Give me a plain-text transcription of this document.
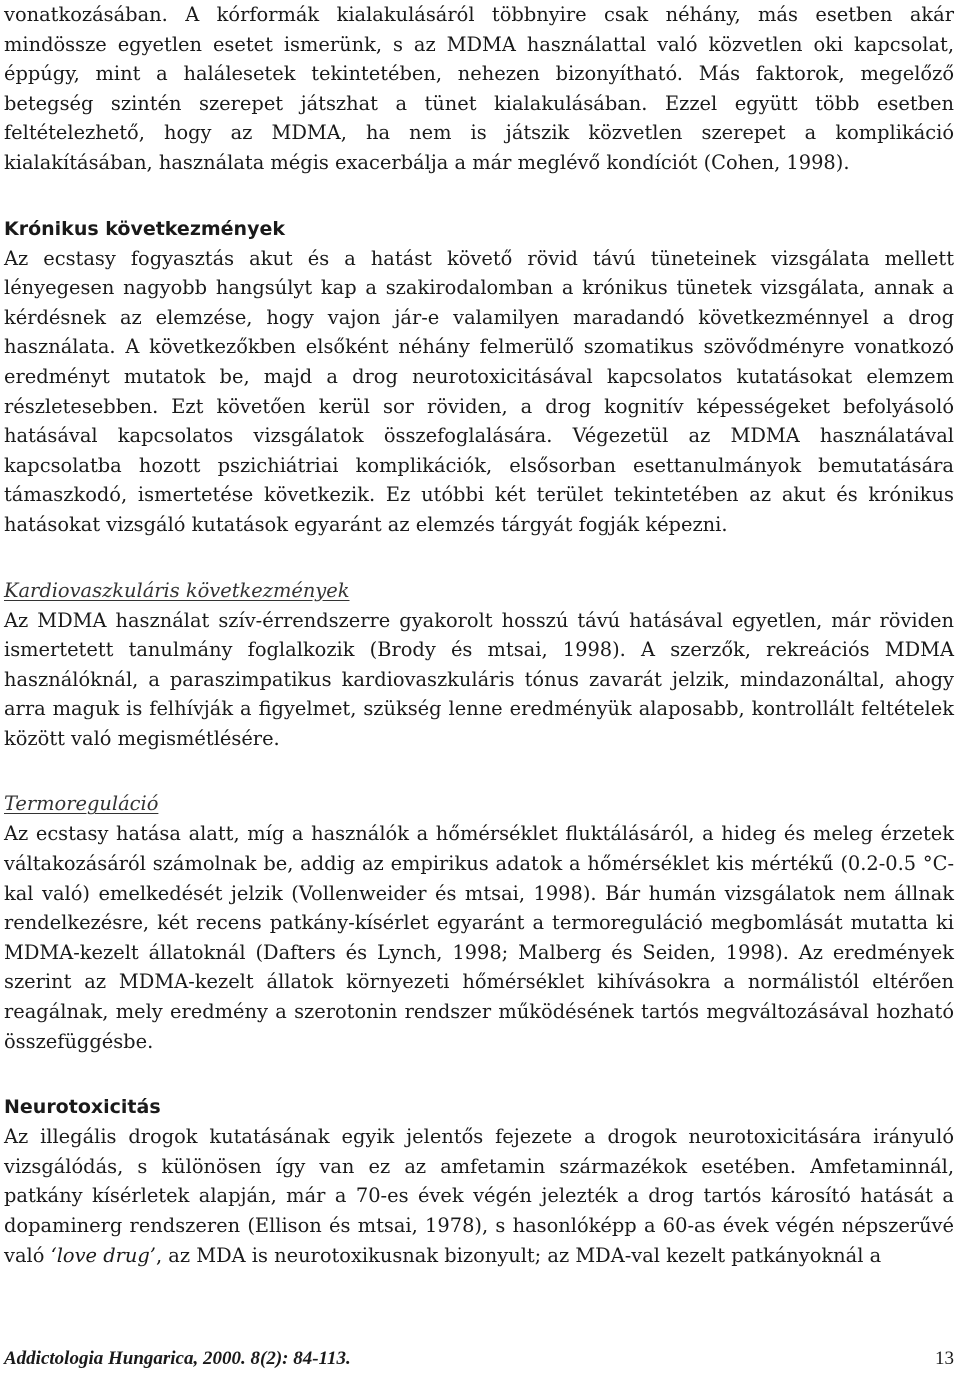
vonatkozásában. A kórformák kialakulásáról többnyire csak néhány, más esetben akár mindössze egyetlen esetet ismerünk, s az MDMA használattal való közvetlen oki kapcsolat, éppúgy, mint a halálesetek tekintetében, nehezen bizonyítható. Más faktorok, megelőző betegség szintén szerepet játszhat a tünet kialakulásában. Ezzel együtt több esetben feltételezhető, hogy az MDMA, ha nem is játszik közvetlen szerepet a komplikáció kialakításában, használata mégis exacerbálja a már meglévő kondíciót (Cohen, 1998).

Krónikus következmények

Az ecstasy fogyasztás akut és a hatást követő rövid távú tüneteinek vizsgálata mellett lényegesen nagyobb hangsúlyt kap a szakirodalomban a krónikus tünetek vizsgálata, annak a kérdésnek az elemzése, hogy vajon jár-e valamilyen maradandó következménnyel a drog használata. A következőkben elsőként néhány felmerülő szomatikus szövődményre vonatkozó eredményt mutatok be, majd a drog neurotoxicitásával kapcsolatos kutatásokat elemzem részletesebben. Ezt követően kerül sor röviden, a drog kognitív képességeket befolyásoló hatásával kapcsolatos vizsgálatok összefoglalására. Végezetül az MDMA használatával kapcsolatba hozott pszichiátriai komplikációk, elsősorban esettanulmányok bemutatására támaszkodó, ismertetése következik. Ez utóbbi két terület tekintetében az akut és krónikus hatásokat vizsgáló kutatások egyaránt az elemzés tárgyát fogják képezni.

Kardiovaszkuláris következmények

Az MDMA használat szív-érrendszerre gyakorolt hosszú távú hatásával egyetlen, már röviden ismertetett tanulmány foglalkozik (Brody és mtsai, 1998). A szerzők, rekreációs MDMA használóknál, a paraszimpatikus kardiovaszkuláris tónus zavarát jelzik, mindazonáltal, ahogy arra maguk is felhívják a figyelmet, szükség lenne eredményük alaposabb, kontrollált feltételek között való megismétlésére.

Termoreguláció

Az ecstasy hatása alatt, míg a használók a hőmérséklet fluktálásáról, a hideg és meleg érzetek váltakozásáról számolnak be, addig az empirikus adatok a hőmérséklet kis mértékű (0.2-0.5 °C-kal való) emelkedését jelzik (Vollenweider és mtsai, 1998). Bár humán vizsgálatok nem állnak rendelkezésre, két recens patkány-kísérlet egyaránt a termoreguláció megbomlását mutatta ki MDMA-kezelt állatoknál (Dafters és Lynch, 1998; Malberg és Seiden, 1998). Az eredmények szerint az MDMA-kezelt állatok környezeti hőmérséklet kihívásokra a normálistól eltérően reagálnak, mely eredmény a szerotonin rendszer működésének tartós megváltozásával hozható összefüggésbe.

Neurotoxicitás

Az illegális drogok kutatásának egyik jelentős fejezete a drogok neurotoxicitására irányuló vizsgálódás, s különösen így van ez az amfetamin származékok esetében. Amfetaminnál, patkány kísérletek alapján, már a 70-es évek végén jelezték a drog tartós károsító hatását a dopaminerg rendszeren (Ellison és mtsai, 1978), s hasonlóképp a 60-as évek végén népszerűvé való ‘love drug’, az MDA is neurotoxikusnak bizonyult; az MDA-val kezelt patkányoknál a

Addictologia Hungarica, 2000. 8(2): 84-113.	13
